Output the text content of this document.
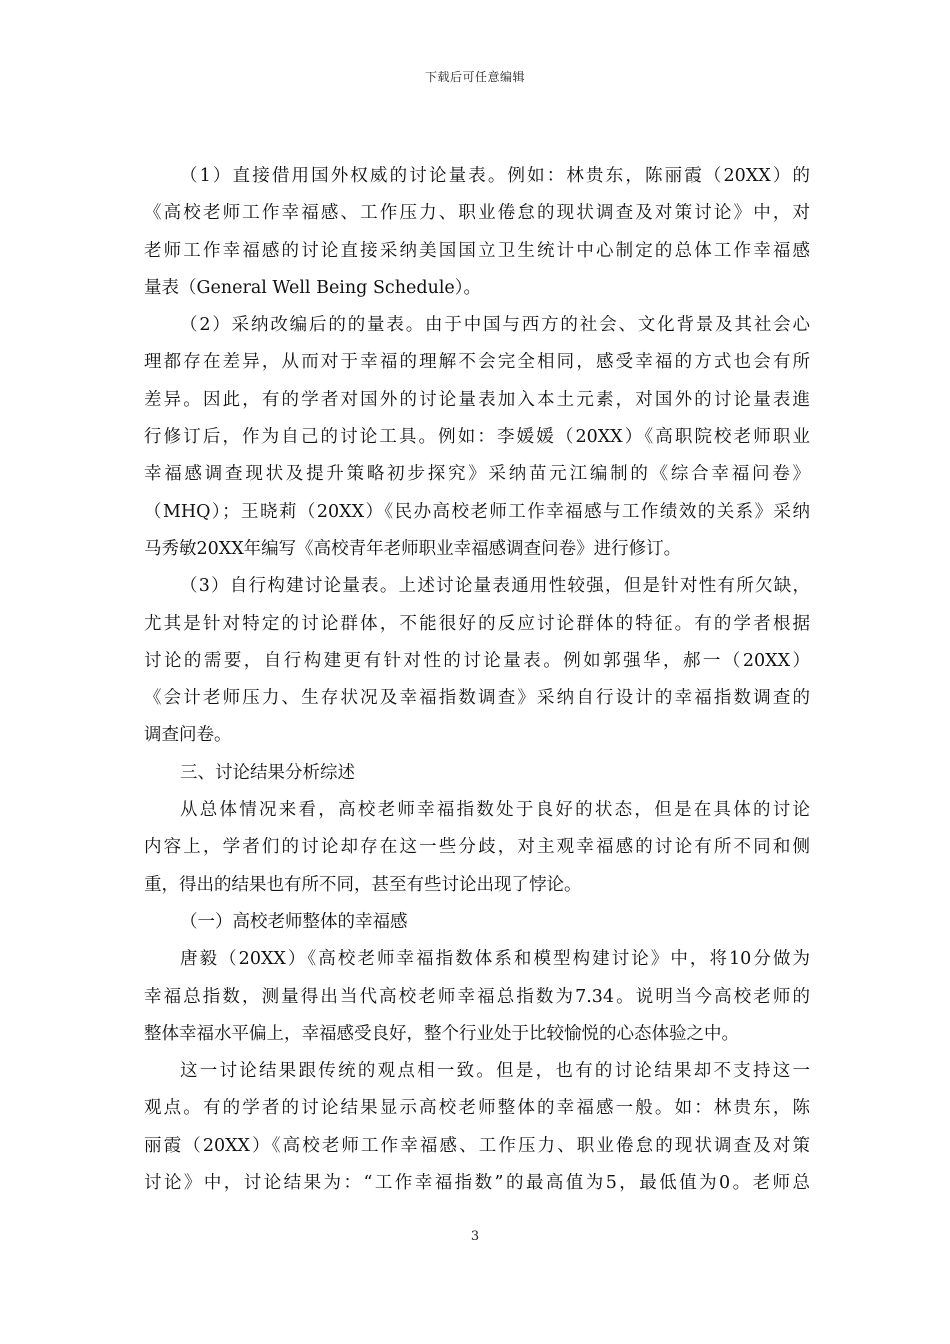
下载后可任意编辑
（1）直接借用国外权威的讨论量表。例如：林贵东，陈丽霞（20XX）的
《高校老师工作幸福感、工作压力、职业倦怠的现状调查及对策讨论》中，对
老师工作幸福感的讨论直接采纳美国国立卫生统计中心制定的总体工作幸福感
量表（General Well Being Schedule）。
（2）采纳改编后的的量表。由于中国与西方的社会、文化背景及其社会心
理都存在差异，从而对于幸福的理解不会完全相同，感受幸福的方式也会有所
差异。因此，有的学者对国外的讨论量表加入本土元素，对国外的讨论量表進
行修订后，作为自己的讨论工具。例如：李媛媛（20XX）《高职院校老师职业
幸福感调查现状及提升策略初步探究》采纳苗元江编制的《综合幸福问卷》
（MHQ）；王晓莉（20XX）《民办高校老师工作幸福感与工作绩效的关系》采纳
马秀敏20XX年编写《高校青年老师职业幸福感调查问卷》进行修订。
（3）自行构建讨论量表。上述讨论量表通用性较强，但是针对性有所欠缺，
尤其是针对特定的讨论群体，不能很好的反应讨论群体的特征。有的学者根据
讨论的需要，自行构建更有针对性的讨论量表。例如郭强华，郝一（20XX）
《会计老师压力、生存状况及幸福指数调查》采纳自行设计的幸福指数调查的
调查问卷。
三、讨论结果分析综述
从总体情况来看，高校老师幸福指数处于良好的状态，但是在具体的讨论
内容上，学者们的讨论却存在这一些分歧，对主观幸福感的讨论有所不同和侧
重，得出的结果也有所不同，甚至有些讨论出现了悖论。
（一）高校老师整体的幸福感
唐毅（20XX）《高校老师幸福指数体系和模型构建讨论》中，将10分做为
幸福总指数，测量得出当代高校老师幸福总指数为7.34。说明当今高校老师的
整体幸福水平偏上，幸福感受良好，整个行业处于比较愉悦的心态体验之中。
这一讨论结果跟传统的观点相一致。但是，也有的讨论结果却不支持这一
观点。有的学者的讨论结果显示高校老师整体的幸福感一般。如：林贵东，陈
丽霞（20XX）《高校老师工作幸福感、工作压力、职业倦怠的现状调查及对策
讨论》中，讨论结果为：“工作幸福指数”的最高值为5，最低值为0。老师总
3
